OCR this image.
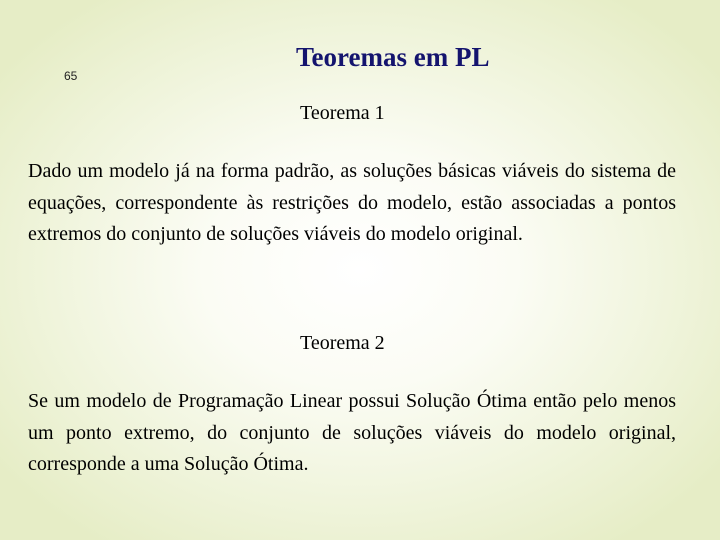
65
Teoremas em PL
Teorema 1
Dado um modelo já na forma padrão, as soluções básicas viáveis do sistema de equações, correspondente às restrições do modelo, estão associadas a pontos extremos do conjunto de soluções viáveis do modelo original.
Teorema 2
Se um modelo de Programação Linear possui Solução Ótima então pelo menos um ponto extremo, do conjunto de soluções viáveis do modelo original, corresponde a uma Solução Ótima.
